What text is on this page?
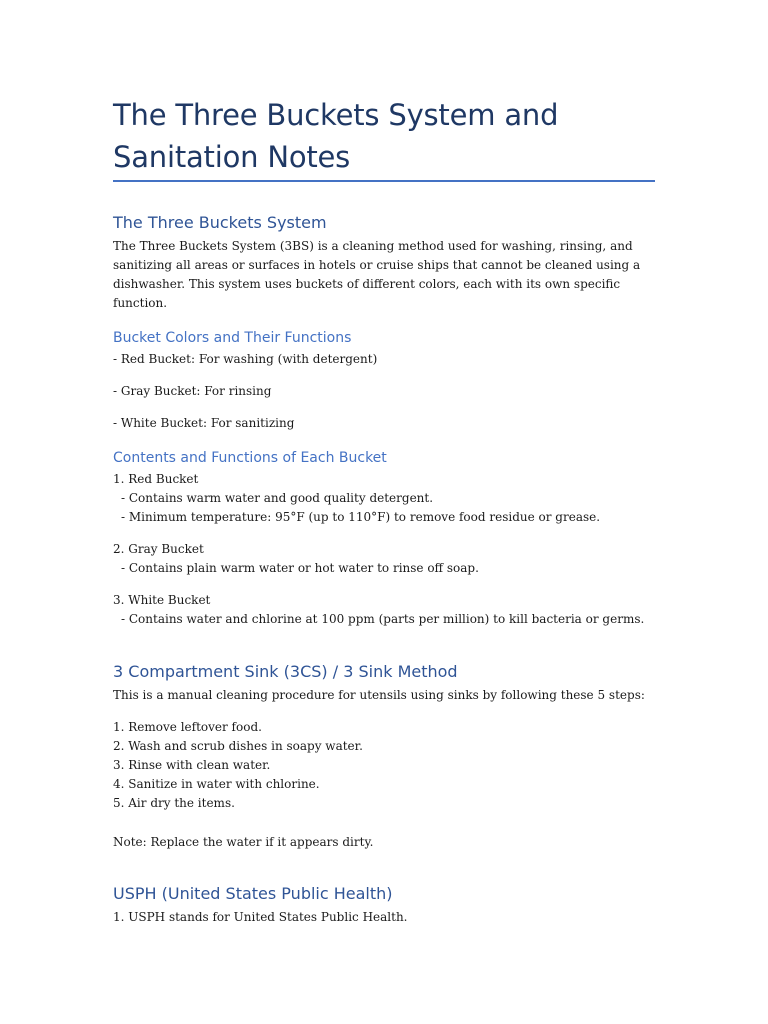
The Three Buckets System and
Sanitation Notes
The Three Buckets System

The Three Buckets System (3BS) is a cleaning method used for washing, rinsing, and

sanitizing all areas or surfaces in hotels or cruise ships that cannot be cleaned using a

dishwasher. This system uses buckets of different colors, each with its own specific

function.

Bucket Colors and Their Functions

- Red Bucket: For washing (with detergent)

- Gray Bucket: For rinsing

- White Bucket: For sanitizing

Contents and Functions of Each Bucket

1. Red Bucket

- Contains warm water and good quality detergent.

- Minimum temperature: 95°F (up to 110°F) to remove food residue or grease.

2. Gray Bucket

- Contains plain warm water or hot water to rinse off soap.

3. White Bucket

- Contains water and chlorine at 100 ppm (parts per million) to kill bacteria or germs.

3 Compartment Sink (3CS) / 3 Sink Method

This is a manual cleaning procedure for utensils using sinks by following these 5 steps:

1. Remove leftover food.

2. Wash and scrub dishes in soapy water.

3. Rinse with clean water.

4. Sanitize in water with chlorine.

5. Air dry the items.

Note: Replace the water if it appears dirty.

USPH (United States Public Health)

1. USPH stands for United States Public Health.
